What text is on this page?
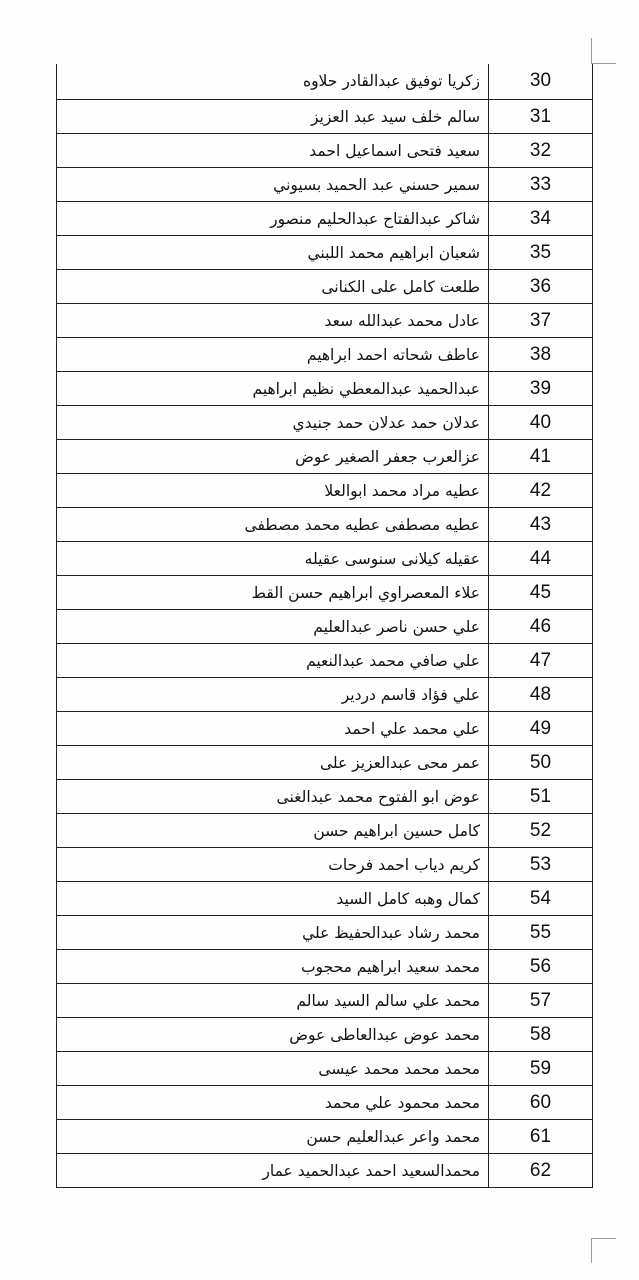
زكريا توفيق عبدالقادر حلاوه	30
سالم خلف سيد عبد العزيز	31
سعيد فتحى اسماعيل احمد	32
سمير حسني عبد الحميد بسيوني	33
شاكر عبدالفتاح عبدالحليم منصور	34
شعبان ابراهيم محمد اللبني	35
طلعت كامل على الكنانى	36
عادل محمد عبدالله سعد	37
عاطف شحاته احمد ابراهيم	38
عبدالحميد عبدالمعطي نظيم ابراهيم	39
عدلان حمد عدلان حمد جنيدي	40
عزالعرب جعفر الصغير عوض	41
عطيه مراد محمد ابوالعلا	42
عطيه مصطفى عطيه محمد مصطفى	43
عقيله كيلانى سنوسى عقيله	44
علاء المعصراوي ابراهيم حسن القط	45
علي حسن ناصر عبدالعليم	46
علي صافي محمد عبدالنعيم	47
علي فؤاد قاسم دردير	48
علي محمد علي احمد	49
عمر محى عبدالعزيز على	50
عوض ابو الفتوح محمد عبدالغنى	51
كامل حسين ابراهيم حسن	52
كريم دياب احمد فرحات	53
كمال وهبه كامل السيد	54
محمد رشاد عبدالحفيظ علي	55
محمد سعيد ابراهيم محجوب	56
محمد علي سالم السيد سالم	57
محمد عوض عبدالعاطى عوض	58
محمد محمد محمد عيسى	59
محمد محمود علي محمد	60
محمد واعر عبدالعليم حسن	61
محمدالسعيد احمد عبدالحميد عمار	62
